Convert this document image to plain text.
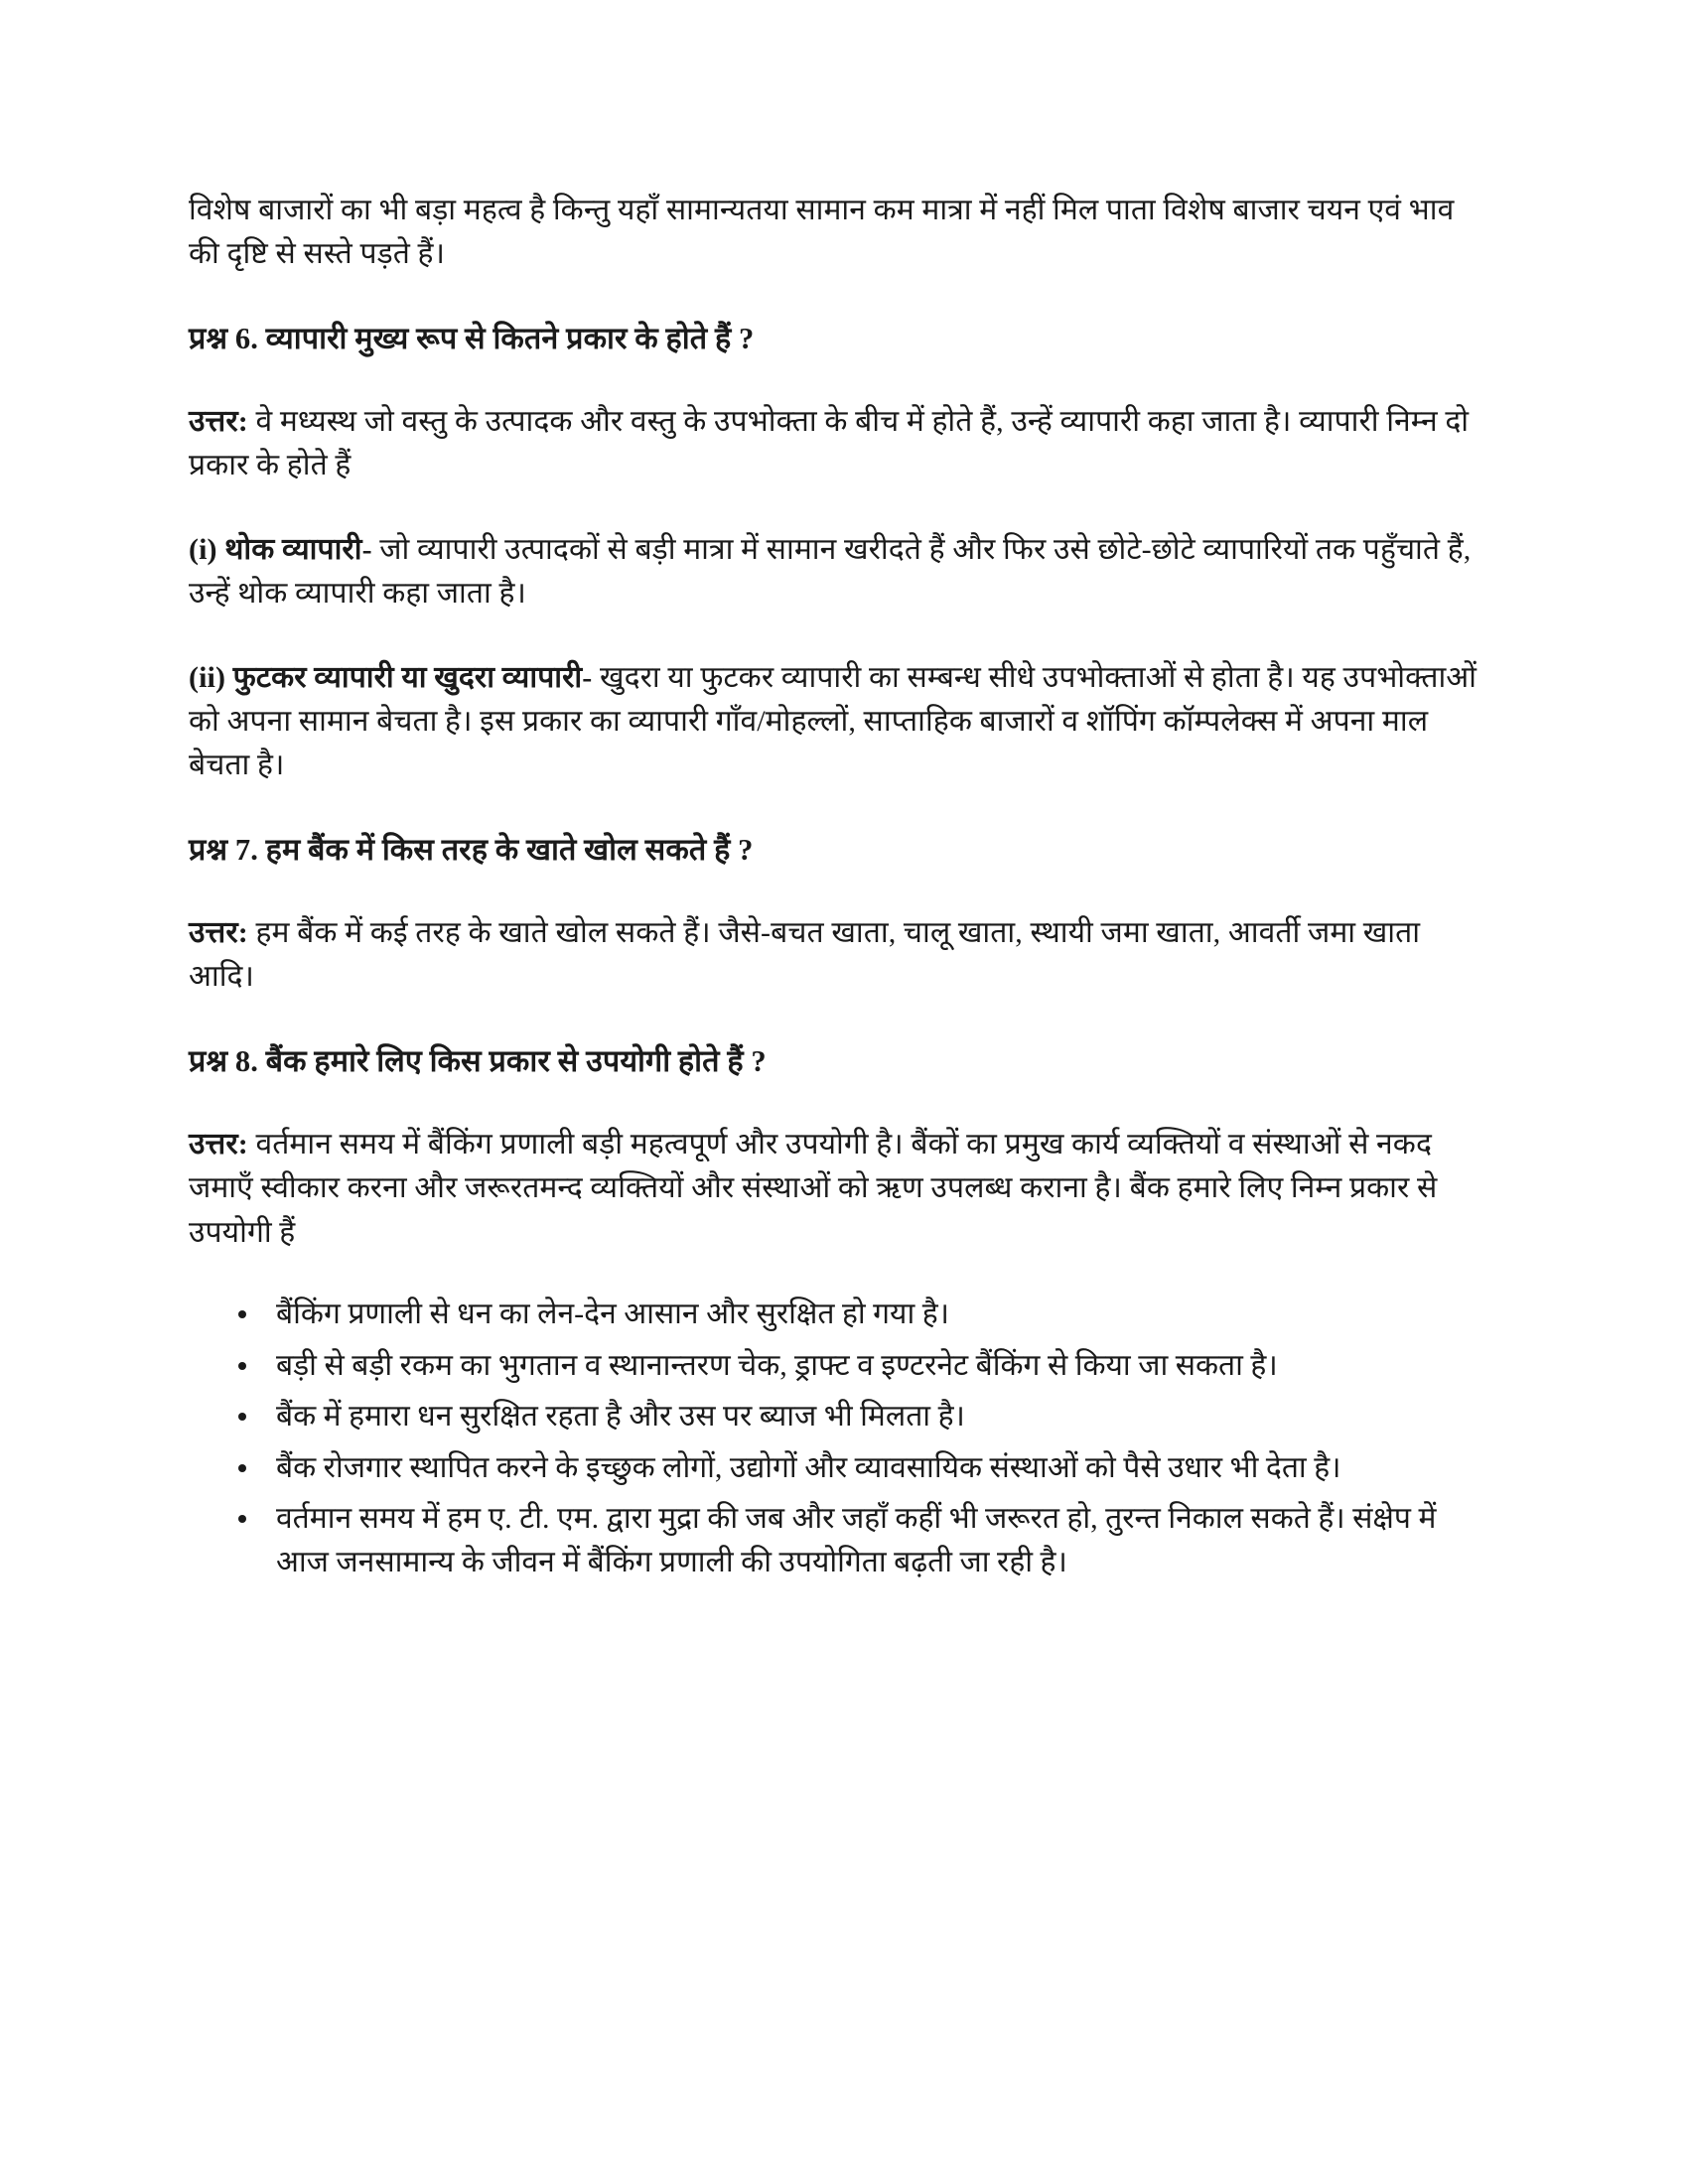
विशेष बाजारों का भी बड़ा महत्व है किन्तु यहाँ सामान्यतया सामान कम मात्रा में नहीं मिल पाता विशेष बाजार चयन एवं भाव की दृष्टि से सस्ते पड़ते हैं।

प्रश्न 6. व्यापारी मुख्य रूप से कितने प्रकार के होते हैं ?

उत्तर: वे मध्यस्थ जो वस्तु के उत्पादक और वस्तु के उपभोक्ता के बीच में होते हैं, उन्हें व्यापारी कहा जाता है। व्यापारी निम्न दो प्रकार के होते हैं

(i) थोक व्यापारी- जो व्यापारी उत्पादकों से बड़ी मात्रा में सामान खरीदते हैं और फिर उसे छोटे-छोटे व्यापारियों तक पहुँचाते हैं, उन्हें थोक व्यापारी कहा जाता है।

(ii) फुटकर व्यापारी या खुदरा व्यापारी- खुदरा या फुटकर व्यापारी का सम्बन्ध सीधे उपभोक्ताओं से होता है। यह उपभोक्ताओं को अपना सामान बेचता है। इस प्रकार का व्यापारी गाँव/मोहल्लों, साप्ताहिक बाजारों व शॉपिंग कॉम्पलेक्स में अपना माल बेचता है।

प्रश्न 7. हम बैंक में किस तरह के खाते खोल सकते हैं ?

उत्तर: हम बैंक में कई तरह के खाते खोल सकते हैं। जैसे-बचत खाता, चालू खाता, स्थायी जमा खाता, आवर्ती जमा खाता आदि।

प्रश्न 8. बैंक हमारे लिए किस प्रकार से उपयोगी होते हैं ?

उत्तर: वर्तमान समय में बैंकिंग प्रणाली बड़ी महत्वपूर्ण और उपयोगी है। बैंकों का प्रमुख कार्य व्यक्तियों व संस्थाओं से नकद जमाएँ स्वीकार करना और जरूरतमन्द व्यक्तियों और संस्थाओं को ऋण उपलब्ध कराना है। बैंक हमारे लिए निम्न प्रकार से उपयोगी हैं

बैंकिंग प्रणाली से धन का लेन-देन आसान और सुरक्षित हो गया है।
बड़ी से बड़ी रकम का भुगतान व स्थानान्तरण चेक, ड्राफ्ट व इण्टरनेट बैंकिंग से किया जा सकता है।
बैंक में हमारा धन सुरक्षित रहता है और उस पर ब्याज भी मिलता है।
बैंक रोजगार स्थापित करने के इच्छुक लोगों, उद्योगों और व्यावसायिक संस्थाओं को पैसे उधार भी देता है।
वर्तमान समय में हम ए. टी. एम. द्वारा मुद्रा की जब और जहाँ कहीं भी जरूरत हो, तुरन्त निकाल सकते हैं। संक्षेप में आज जनसामान्य के जीवन में बैंकिंग प्रणाली की उपयोगिता बढ़ती जा रही है।
